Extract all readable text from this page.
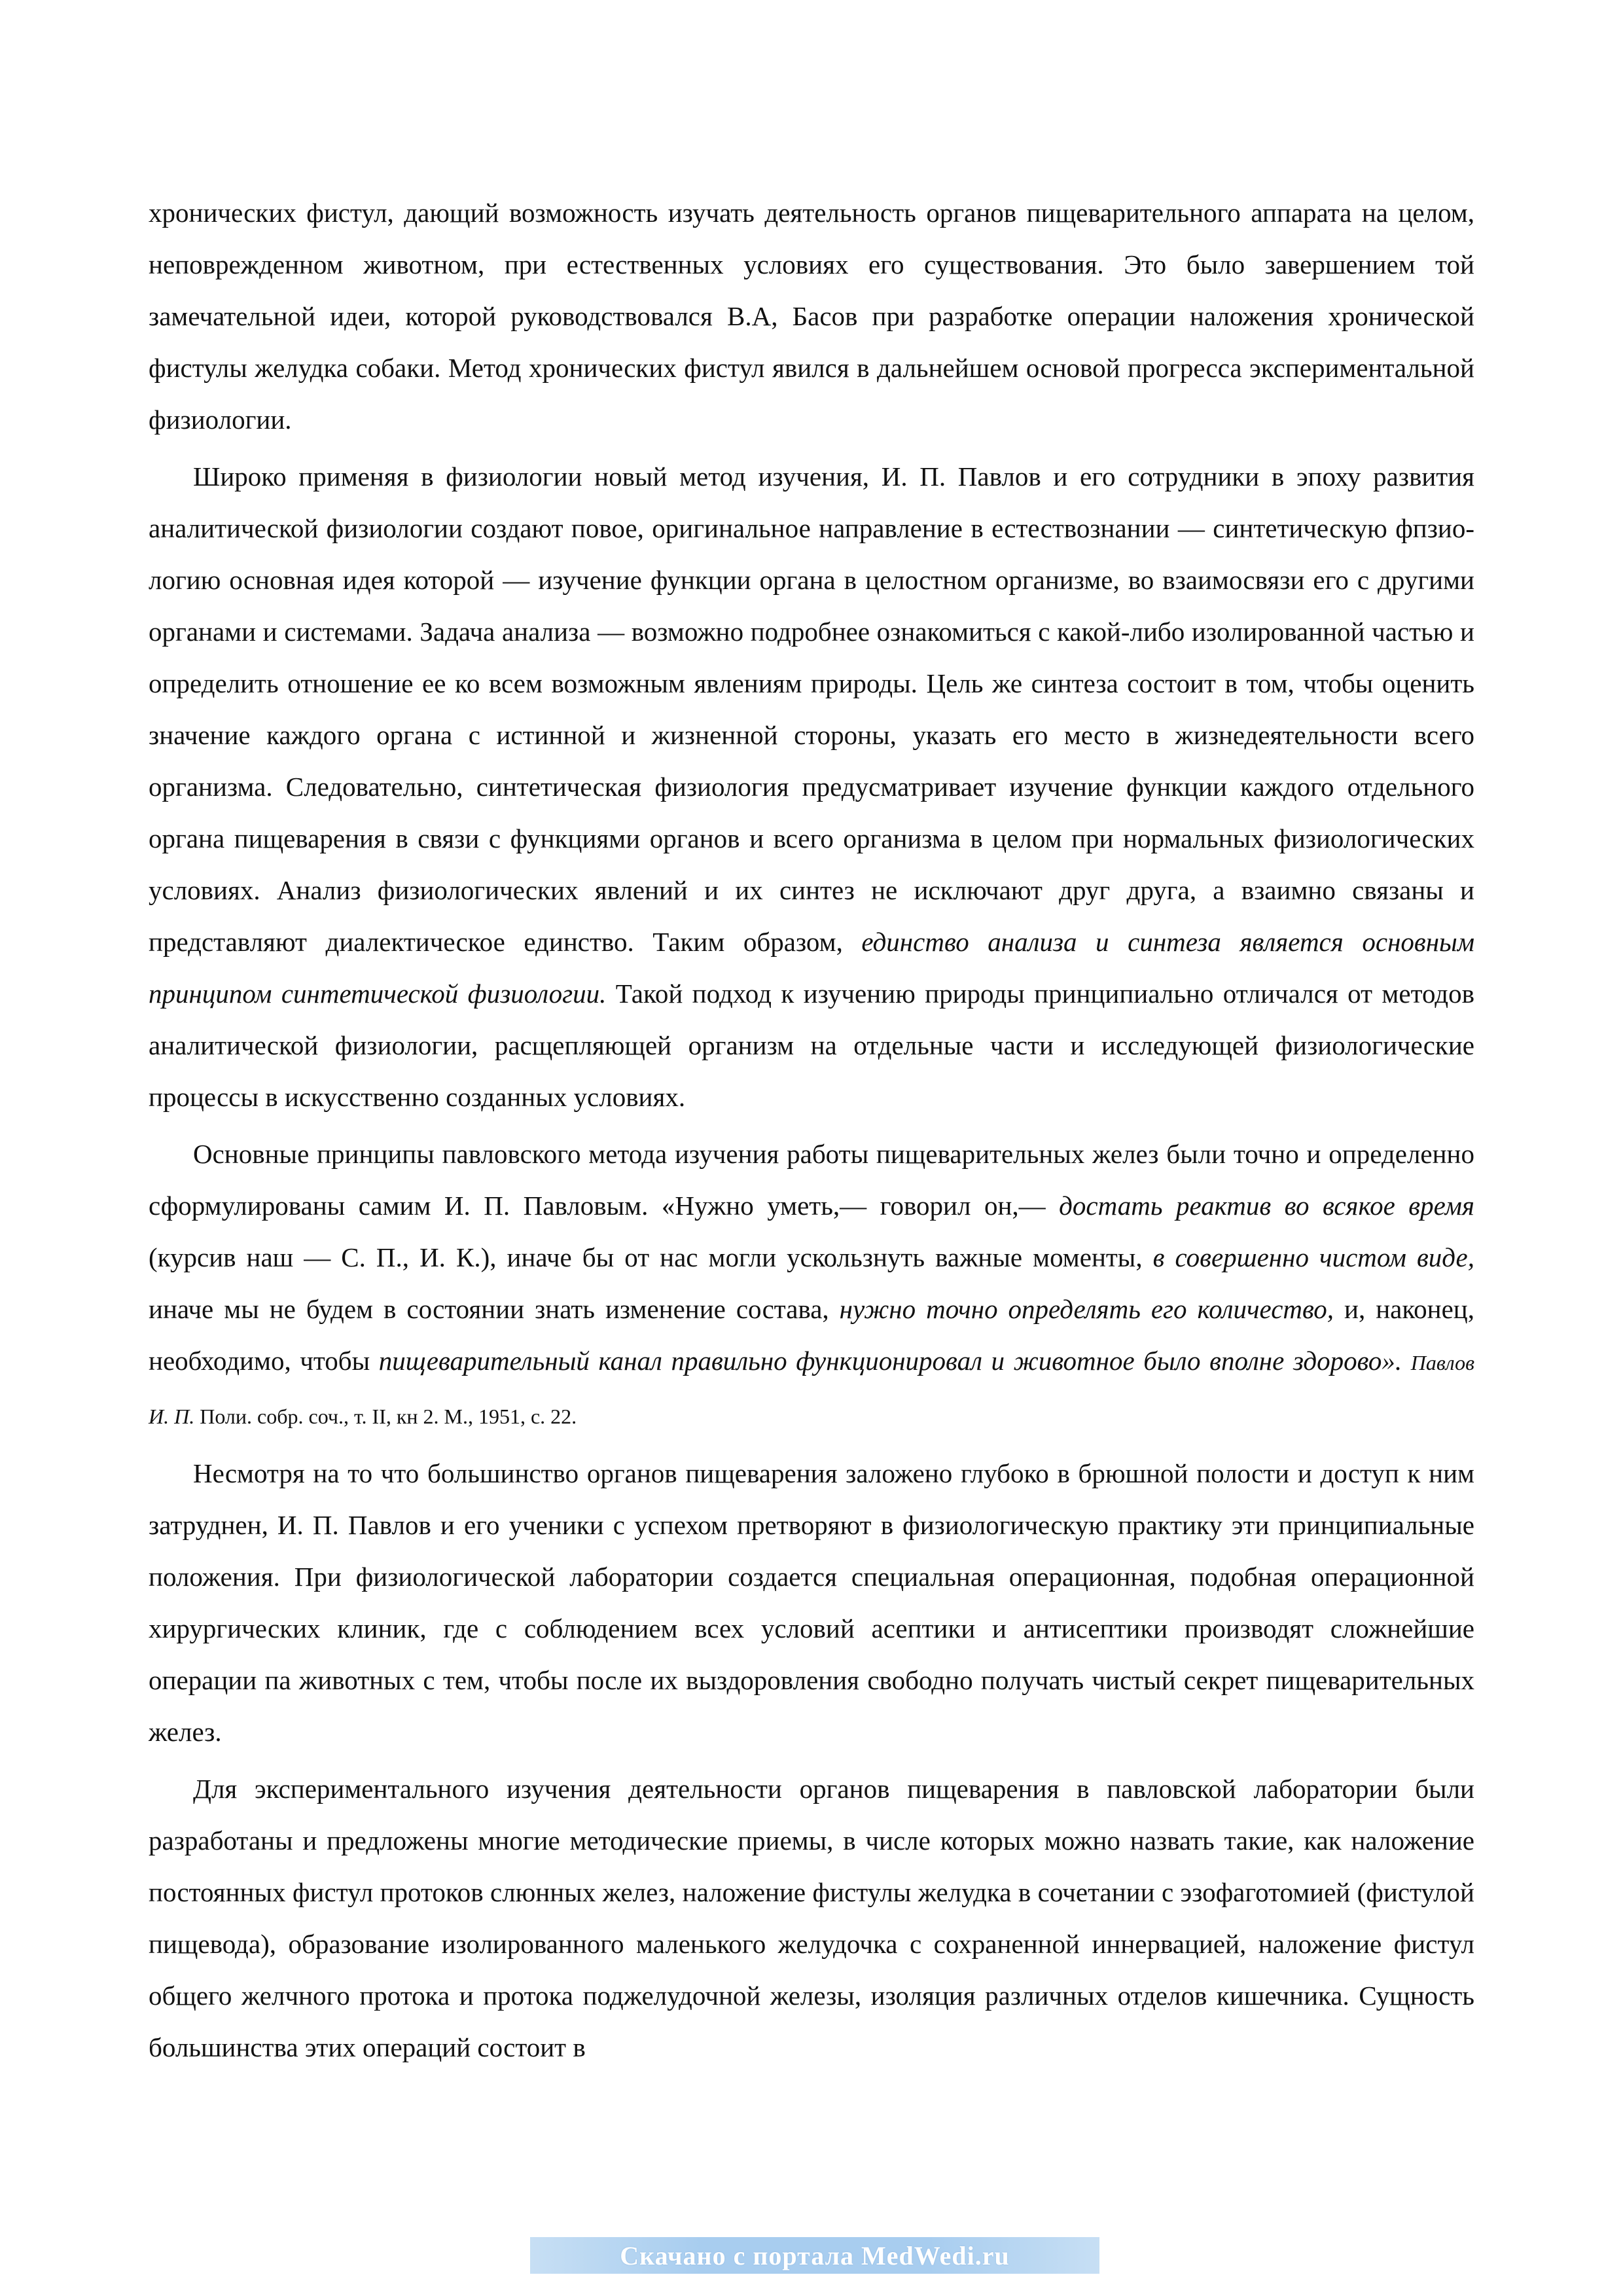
хронических фистул, дающий возможность изучать деятельность органов пищеварительного аппарата на целом, неповрежденном животном, при естественных условиях его существования. Это было завершением той замечательной идеи, которой руководствовался В.А, Басов при разработке операции наложения хронической фистулы желудка собаки. Метод хронических фистул явился в дальнейшем основой прогресса экспериментальной физиологии.

Широко применяя в физиологии новый метод изучения, И. П. Павлов и его сотрудники в эпоху развития аналитической физиологии создают повое, оригинальное направление в естествознании — синтетическую фпзио-логию основная идея которой — изучение функции органа в целостном организме, во взаимосвязи его с другими органами и системами. Задача анализа — возможно подробнее ознакомиться с какой-либо изолированной частью и определить отношение ее ко всем возможным явлениям природы. Цель же синтеза состоит в том, чтобы оценить значение каждого органа с истинной и жизненной стороны, указать его место в жизнедеятельности всего организма. Следовательно, синтетическая физиология предусматривает изучение функции каждого отдельного органа пищеварения в связи с функциями органов и всего организма в целом при нормальных физиологических условиях. Анализ физиологических явлений и их синтез не исключают друг друга, а взаимно связаны и представляют диалектическое единство. Таким образом, единство анализа и синтеза является основным принципом синтетической физиологии. Такой подход к изучению природы принципиально отличался от методов аналитической физиологии, расщепляющей организм на отдельные части и исследующей физиологические процессы в искусственно созданных условиях.

Основные принципы павловского метода изучения работы пищеварительных желез были точно и определенно сформулированы самим И. П. Павловым. «Нужно уметь,— говорил он,— достать реактив во всякое время (курсив наш — С. П., И. К.), иначе бы от нас могли ускользнуть важные моменты, в совершенно чистом виде, иначе мы не будем в состоянии знать изменение состава, нужно точно определять его количество, и, наконец, необходимо, чтобы пищеварительный канал правильно функционировал и животное было вполне здорово». Павлов И. П. Поли. собр. соч., т. II, кн 2. М., 1951, с. 22.

Несмотря на то что большинство органов пищеварения заложено глубоко в брюшной полости и доступ к ним затруднен, И. П. Павлов и его ученики с успехом претворяют в физиологическую практику эти принципиальные положения. При физиологической лаборатории создается специальная операционная, подобная операционной хирургических клиник, где с соблюдением всех условий асептики и антисептики производят сложнейшие операции па животных с тем, чтобы после их выздоровления свободно получать чистый секрет пищеварительных желез.

Для экспериментального изучения деятельности органов пищеварения в павловской лаборатории были разработаны и предложены многие методические приемы, в числе которых можно назвать такие, как наложение постоянных фистул протоков слюнных желез, наложение фистулы желудка в сочетании с эзофаготомией (фистулой пищевода), образование изолированного маленького желудочка с сохраненной иннервацией, наложение фистул общего желчного протока и протока поджелудочной железы, изоляция различных отделов кишечника. Сущность большинства этих операций состоит в

Скачано с портала MedWedi.ru
